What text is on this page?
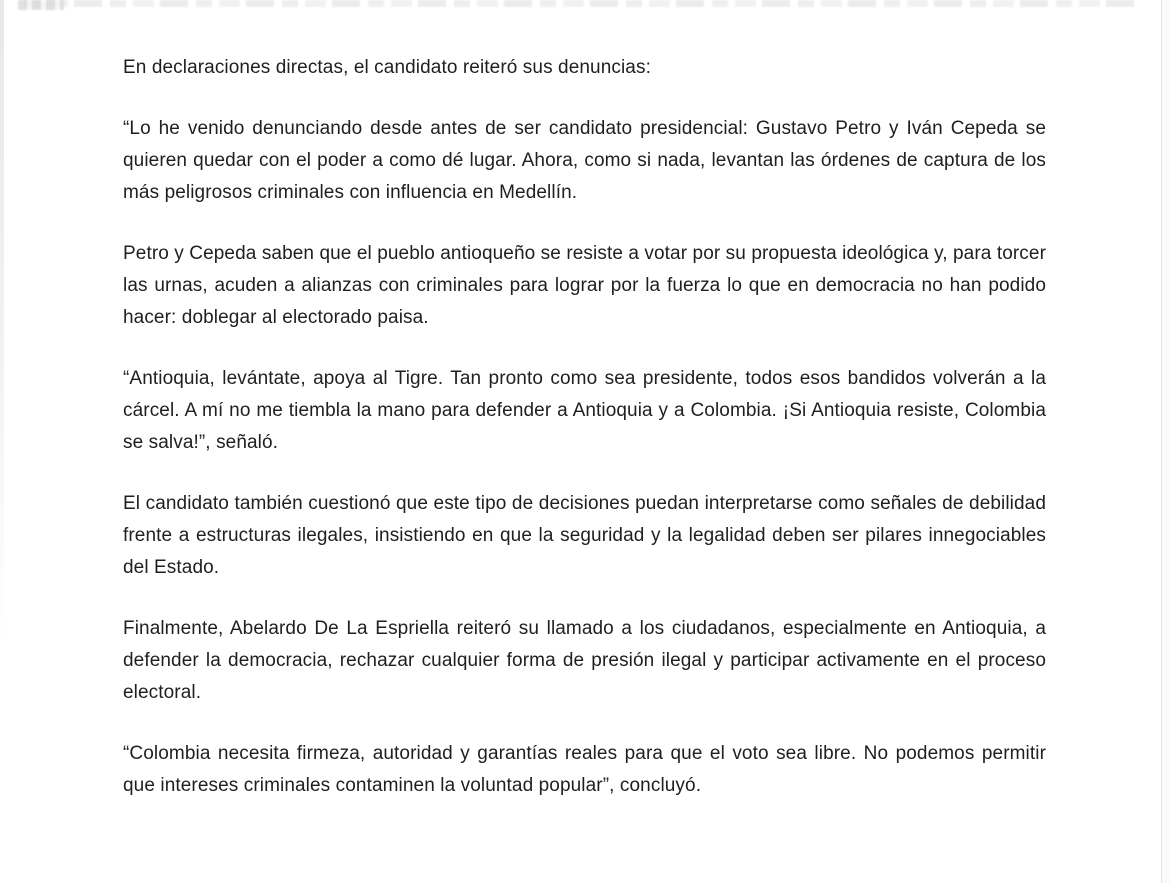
En declaraciones directas, el candidato reiteró sus denuncias:

“Lo he venido denunciando desde antes de ser candidato presidencial: Gustavo Petro y Iván Cepeda se quieren quedar con el poder a como dé lugar. Ahora, como si nada, levantan las órdenes de captura de los más peligrosos criminales con influencia en Medellín.

Petro y Cepeda saben que el pueblo antioqueño se resiste a votar por su propuesta ideológica y, para torcer las urnas, acuden a alianzas con criminales para lograr por la fuerza lo que en democracia no han podido hacer: doblegar al electorado paisa.

“Antioquia, levántate, apoya al Tigre. Tan pronto como sea presidente, todos esos bandidos volverán a la cárcel. A mí no me tiembla la mano para defender a Antioquia y a Colombia. ¡Si Antioquia resiste, Colombia se salva!”, señaló.

El candidato también cuestionó que este tipo de decisiones puedan interpretarse como señales de debilidad frente a estructuras ilegales, insistiendo en que la seguridad y la legalidad deben ser pilares innegociables del Estado.

Finalmente, Abelardo De La Espriella reiteró su llamado a los ciudadanos, especialmente en Antioquia, a defender la democracia, rechazar cualquier forma de presión ilegal y participar activamente en el proceso electoral.

“Colombia necesita firmeza, autoridad y garantías reales para que el voto sea libre. No podemos permitir que intereses criminales contaminen la voluntad popular”, concluyó.
